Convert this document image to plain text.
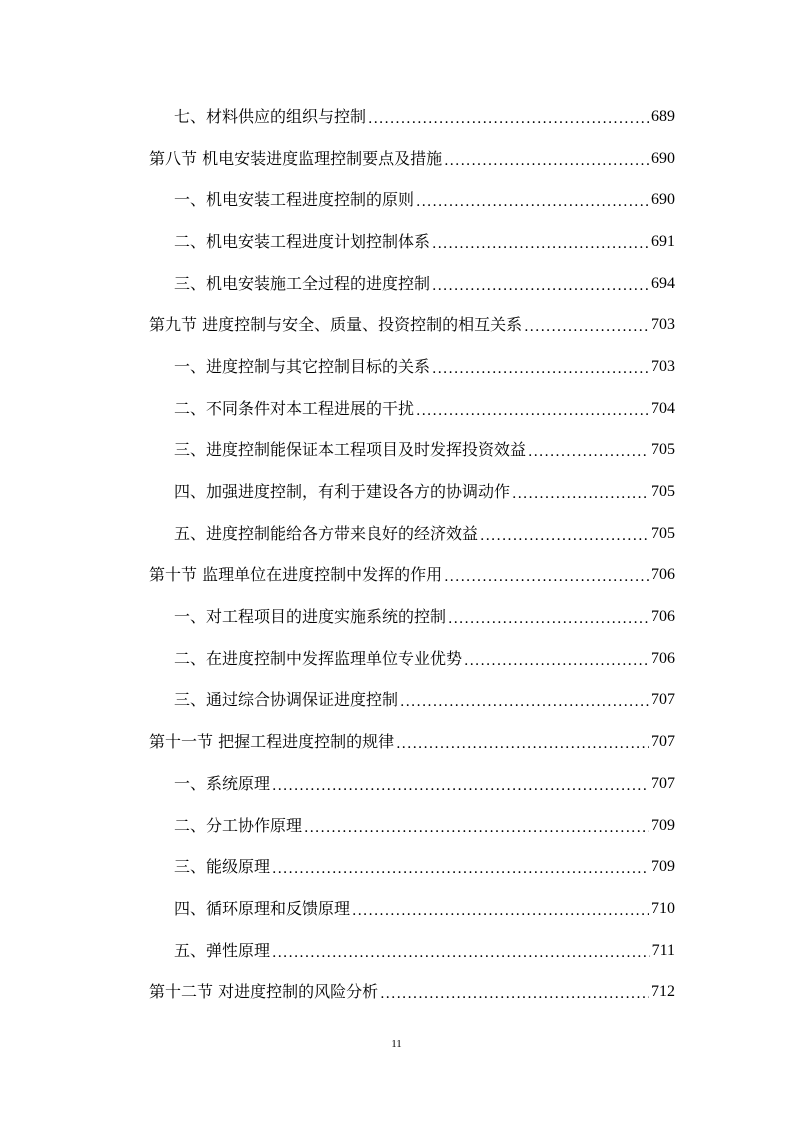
七、材料供应的组织与控制 .....	689
第八节 机电安装进度监理控制要点及措施 .....	690
一、机电安装工程进度控制的原则 .....	690
二、机电安装工程进度计划控制体系 .....	691
三、机电安装施工全过程的进度控制 .....	694
第九节 进度控制与安全、质量、投资控制的相互关系 .....	703
一、进度控制与其它控制目标的关系 .....	703
二、不同条件对本工程进展的干扰 .....	704
三、进度控制能保证本工程项目及时发挥投资效益 .....	705
四、加强进度控制，有利于建设各方的协调动作 .....	705
五、进度控制能给各方带来良好的经济效益 .....	705
第十节 监理单位在进度控制中发挥的作用 .....	706
一、对工程项目的进度实施系统的控制 .....	706
二、在进度控制中发挥监理单位专业优势 .....	706
三、通过综合协调保证进度控制 .....	707
第十一节 把握工程进度控制的规律 .....	707
一、系统原理 .....	707
二、分工协作原理 .....	709
三、能级原理 .....	709
四、循环原理和反馈原理 .....	710
五、弹性原理 .....	711
第十二节 对进度控制的风险分析 .....	712
11
